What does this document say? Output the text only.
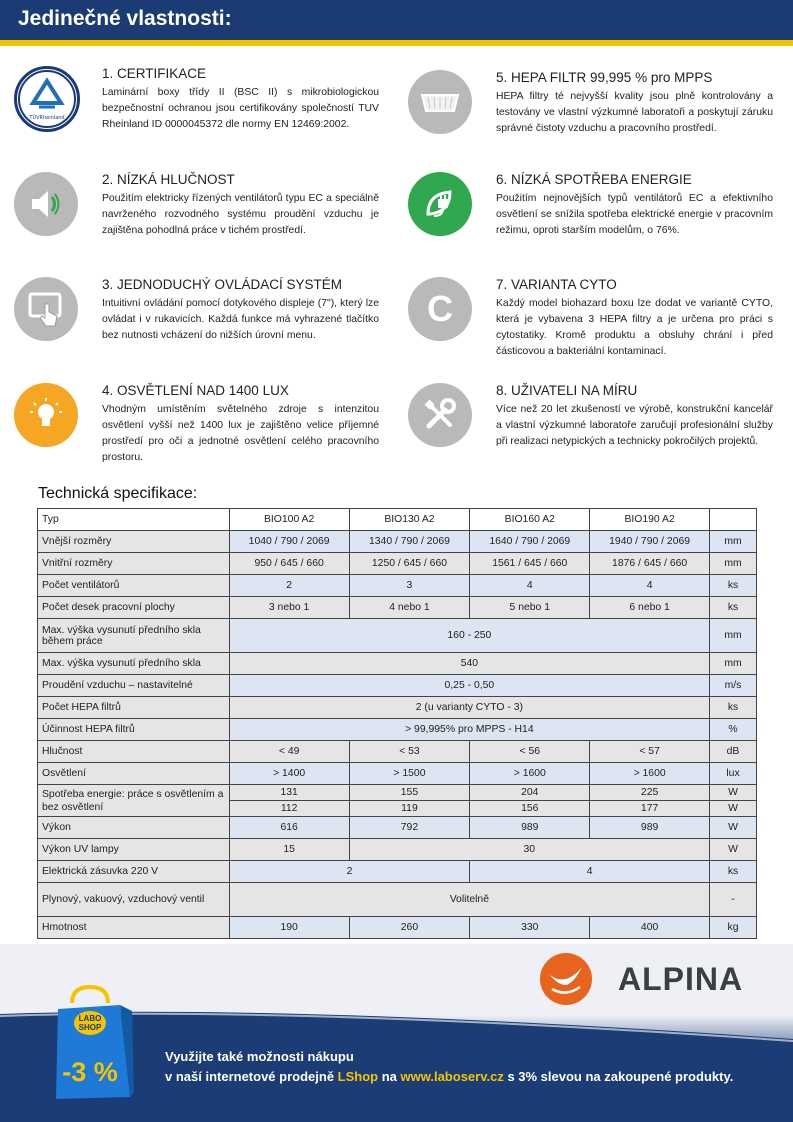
Jedinečné vlastnosti:
TÜVRheinland
1. CERTIFIKACE

Laminární boxy třídy II (BSC II) s mikrobiologickou bezpečnostní ochranou jsou certifikovány společností TUV Rheinland ID 0000045372 dle normy EN 12469:2002.

2. NÍZKÁ HLUČNOST

Použitím elektricky řízených ventilátorů typu EC a speciálně navrženého rozvodného systému proudění vzduchu je zajištěna pohodlná práce v tichém prostředí.

3. JEDNODUCHÝ OVLÁDACÍ SYSTÉM

Intuitivní ovládání pomocí dotykového displeje (7"), který lze ovládat i v rukavicích. Každá funkce má vyhrazené tlačítko bez nutnosti vcházení do nižších úrovní menu.

4. OSVĚTLENÍ NAD 1400 LUX

Vhodným umístěním světelného zdroje s intenzitou osvětlení vyšší než 1400 lux je zajištěno velice příjemné prostředí pro oči a jednotné osvětlení celého pracovního prostoru.

5. HEPA FILTR 99,995 % pro MPPS

HEPA filtry té nejvyšší kvality jsou plně kontrolovány a testovány ve vlastní výzkumné laboratoři a poskytují záruku správné čistoty vzduchu a pracovního prostředí.

6. NÍZKÁ SPOTŘEBA ENERGIE

Použitím nejnovějších typů ventilátorů EC a efektivního osvětlení se snížila spotřeba elektrické energie v pracovním režimu, oproti starším modelům, o 76%.

C
7. VARIANTA CYTO

Každý model biohazard boxu lze dodat ve variantě CYTO, která je vybavena 3 HEPA filtry a je určena pro práci s cytostatiky. Kromě produktu a obsluhy chrání i před částicovou a bakteriální kontaminací.

8. UŽIVATELI NA MÍRU

Více než 20 let zkušeností ve výrobě, konstrukční kancelář a vlastní výzkumné laboratoře zaručují profesionální služby při realizaci netypických a technicky pokročilých projektů.

Technická specifikace:
Typ	BIO100 A2	BIO130 A2	BIO160 A2	BIO190 A2	
Vnější rozměry	1040 / 790 / 2069	1340 / 790 / 2069	1640 / 790 / 2069	1940 / 790 / 2069	mm
Vnitřní rozměry	950 / 645 / 660	1250 / 645 / 660	1561 / 645 / 660	1876 / 645 / 660	mm
Počet ventilátorů	2	3	4	4	ks
Počet desek pracovní plochy	3 nebo 1	4 nebo 1	5 nebo 1	6 nebo 1	ks
Max. výška vysunutí předního skla během práce	160 - 250				mm
Max. výška vysunutí předního skla	540				mm
Proudění vzduchu – nastavitelné	0,25 - 0,50				m/s
Počet HEPA filtrů	2 (u varianty CYTO - 3)				ks
Účinnost HEPA filtrů	> 99,995% pro MPPS - H14				%
Hlučnost	< 49	< 53	< 56	< 57	dB
Osvětlení	> 1400	> 1500	> 1600	> 1600	lux
Spotřeba energie: práce s osvětlením a bez osvětlení	131	155	204	225	W
	112	119	156	177	W
Výkon	616	792	989	989	W
Výkon UV lampy	15	30			W
Elektrická zásuvka 220 V	2		4		ks
Plynový, vakuový, vzduchový ventil	Volitelně				-
Hmotnost	190	260	330	400	kg
ALPINA
LABO
SHOP
-3 %
Využijte také možnosti nákupu
v naší internetové prodejně LShop na www.laboserv.cz s 3% slevou na zakoupené produkty.
